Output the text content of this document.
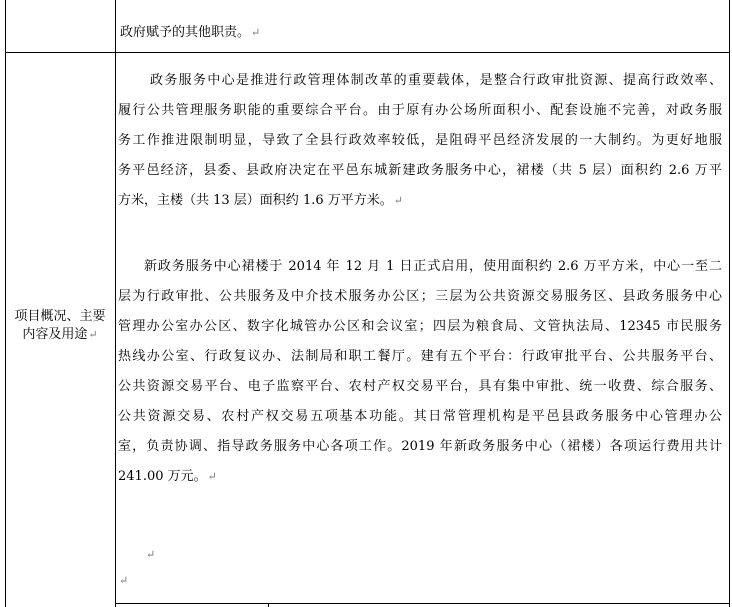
政府赋予的其他职责。↵
项目概况、主要
内容及用途↵

政务服务中心是推进行政管理体制改革的重要载体，是整合行政审批资源、提高行政效率、

履行公共管理服务职能的重要综合平台。由于原有办公场所面积小、配套设施不完善，对政务服

务工作推进限制明显，导致了全县行政效率较低，是阻碍平邑经济发展的一大制约。为更好地服

务平邑经济，县委、县政府决定在平邑东城新建政务服务中心，裙楼（共 5 层）面积约 2.6 万平

方米，主楼（共 13 层）面积约 1.6 万平方米。↵

新政务服务中心裙楼于 2014 年 12 月 1 日正式启用，使用面积约 2.6 万平方米，中心一至二

层为行政审批、公共服务及中介技术服务办公区；三层为公共资源交易服务区、县政务服务中心

管理办公室办公区、数字化城管办公区和会议室；四层为粮食局、文管执法局、12345 市民服务

热线办公室、行政复议办、法制局和职工餐厅。建有五个平台：行政审批平台、公共服务平台、

公共资源交易平台、电子监察平台、农村产权交易平台，具有集中审批、统一收费、综合服务、

公共资源交易、农村产权交易五项基本功能。其日常管理机构是平邑县政务服务中心管理办公

室，负责协调、指导政务服务中心各项工作。2019 年新政务服务中心（裙楼）各项运行费用共计

241.00 万元。↵

↵
↵
